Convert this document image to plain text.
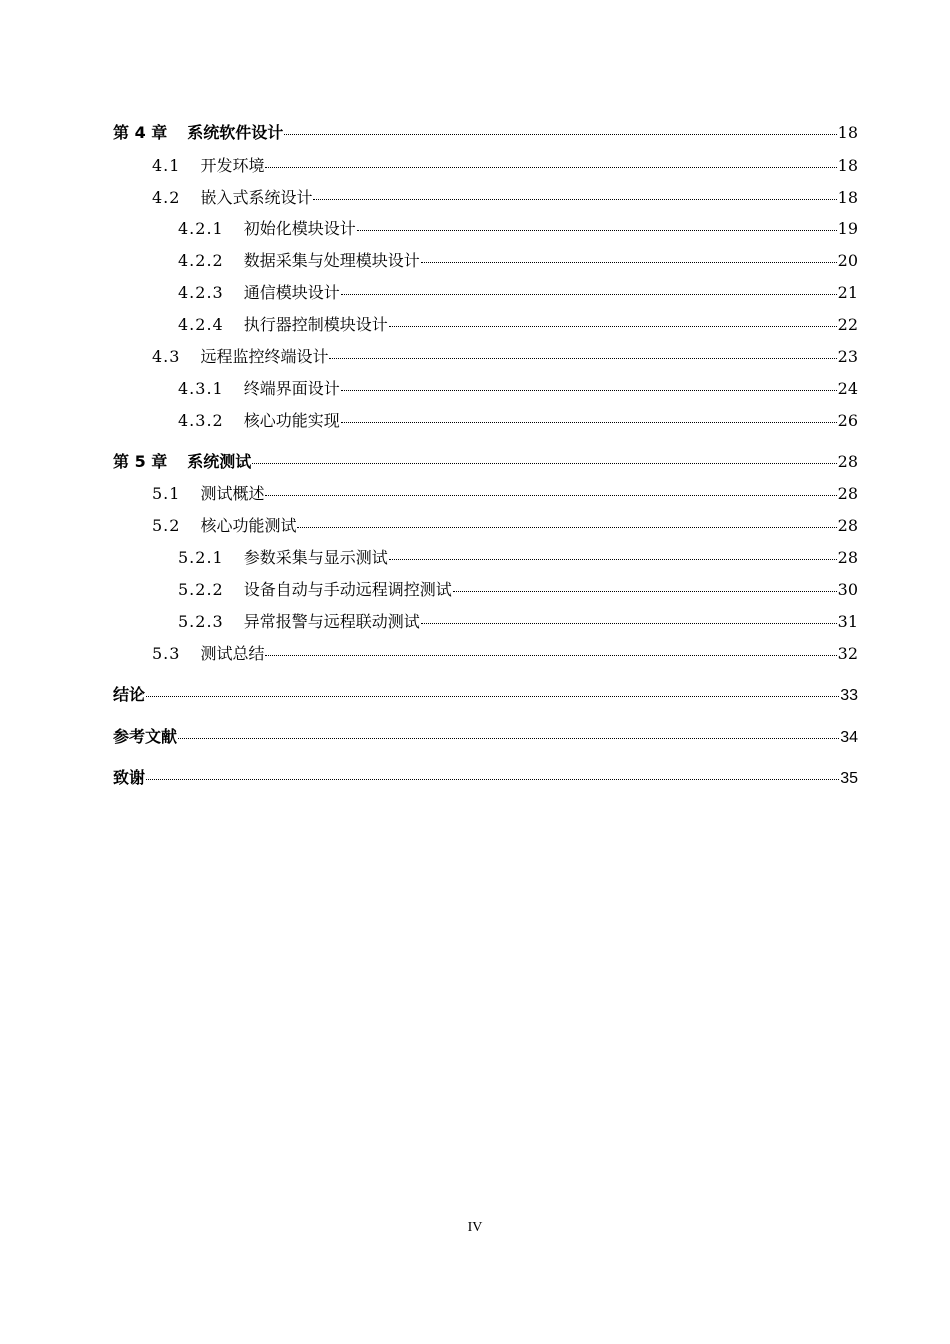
第 4 章 系统软件设计	18
4.1 开发环境	18
4.2 嵌入式系统设计	18
4.2.1 初始化模块设计	19
4.2.2 数据采集与处理模块设计	20
4.2.3 通信模块设计	21
4.2.4 执行器控制模块设计	22
4.3 远程监控终端设计	23
4.3.1 终端界面设计	24
4.3.2 核心功能实现	26
第 5 章 系统测试	28
5.1 测试概述	28
5.2 核心功能测试	28
5.2.1 参数采集与显示测试	28
5.2.2 设备自动与手动远程调控测试	30
5.2.3 异常报警与远程联动测试	31
5.3 测试总结	32
结论	33
参考文献	34
致谢	35
IV
